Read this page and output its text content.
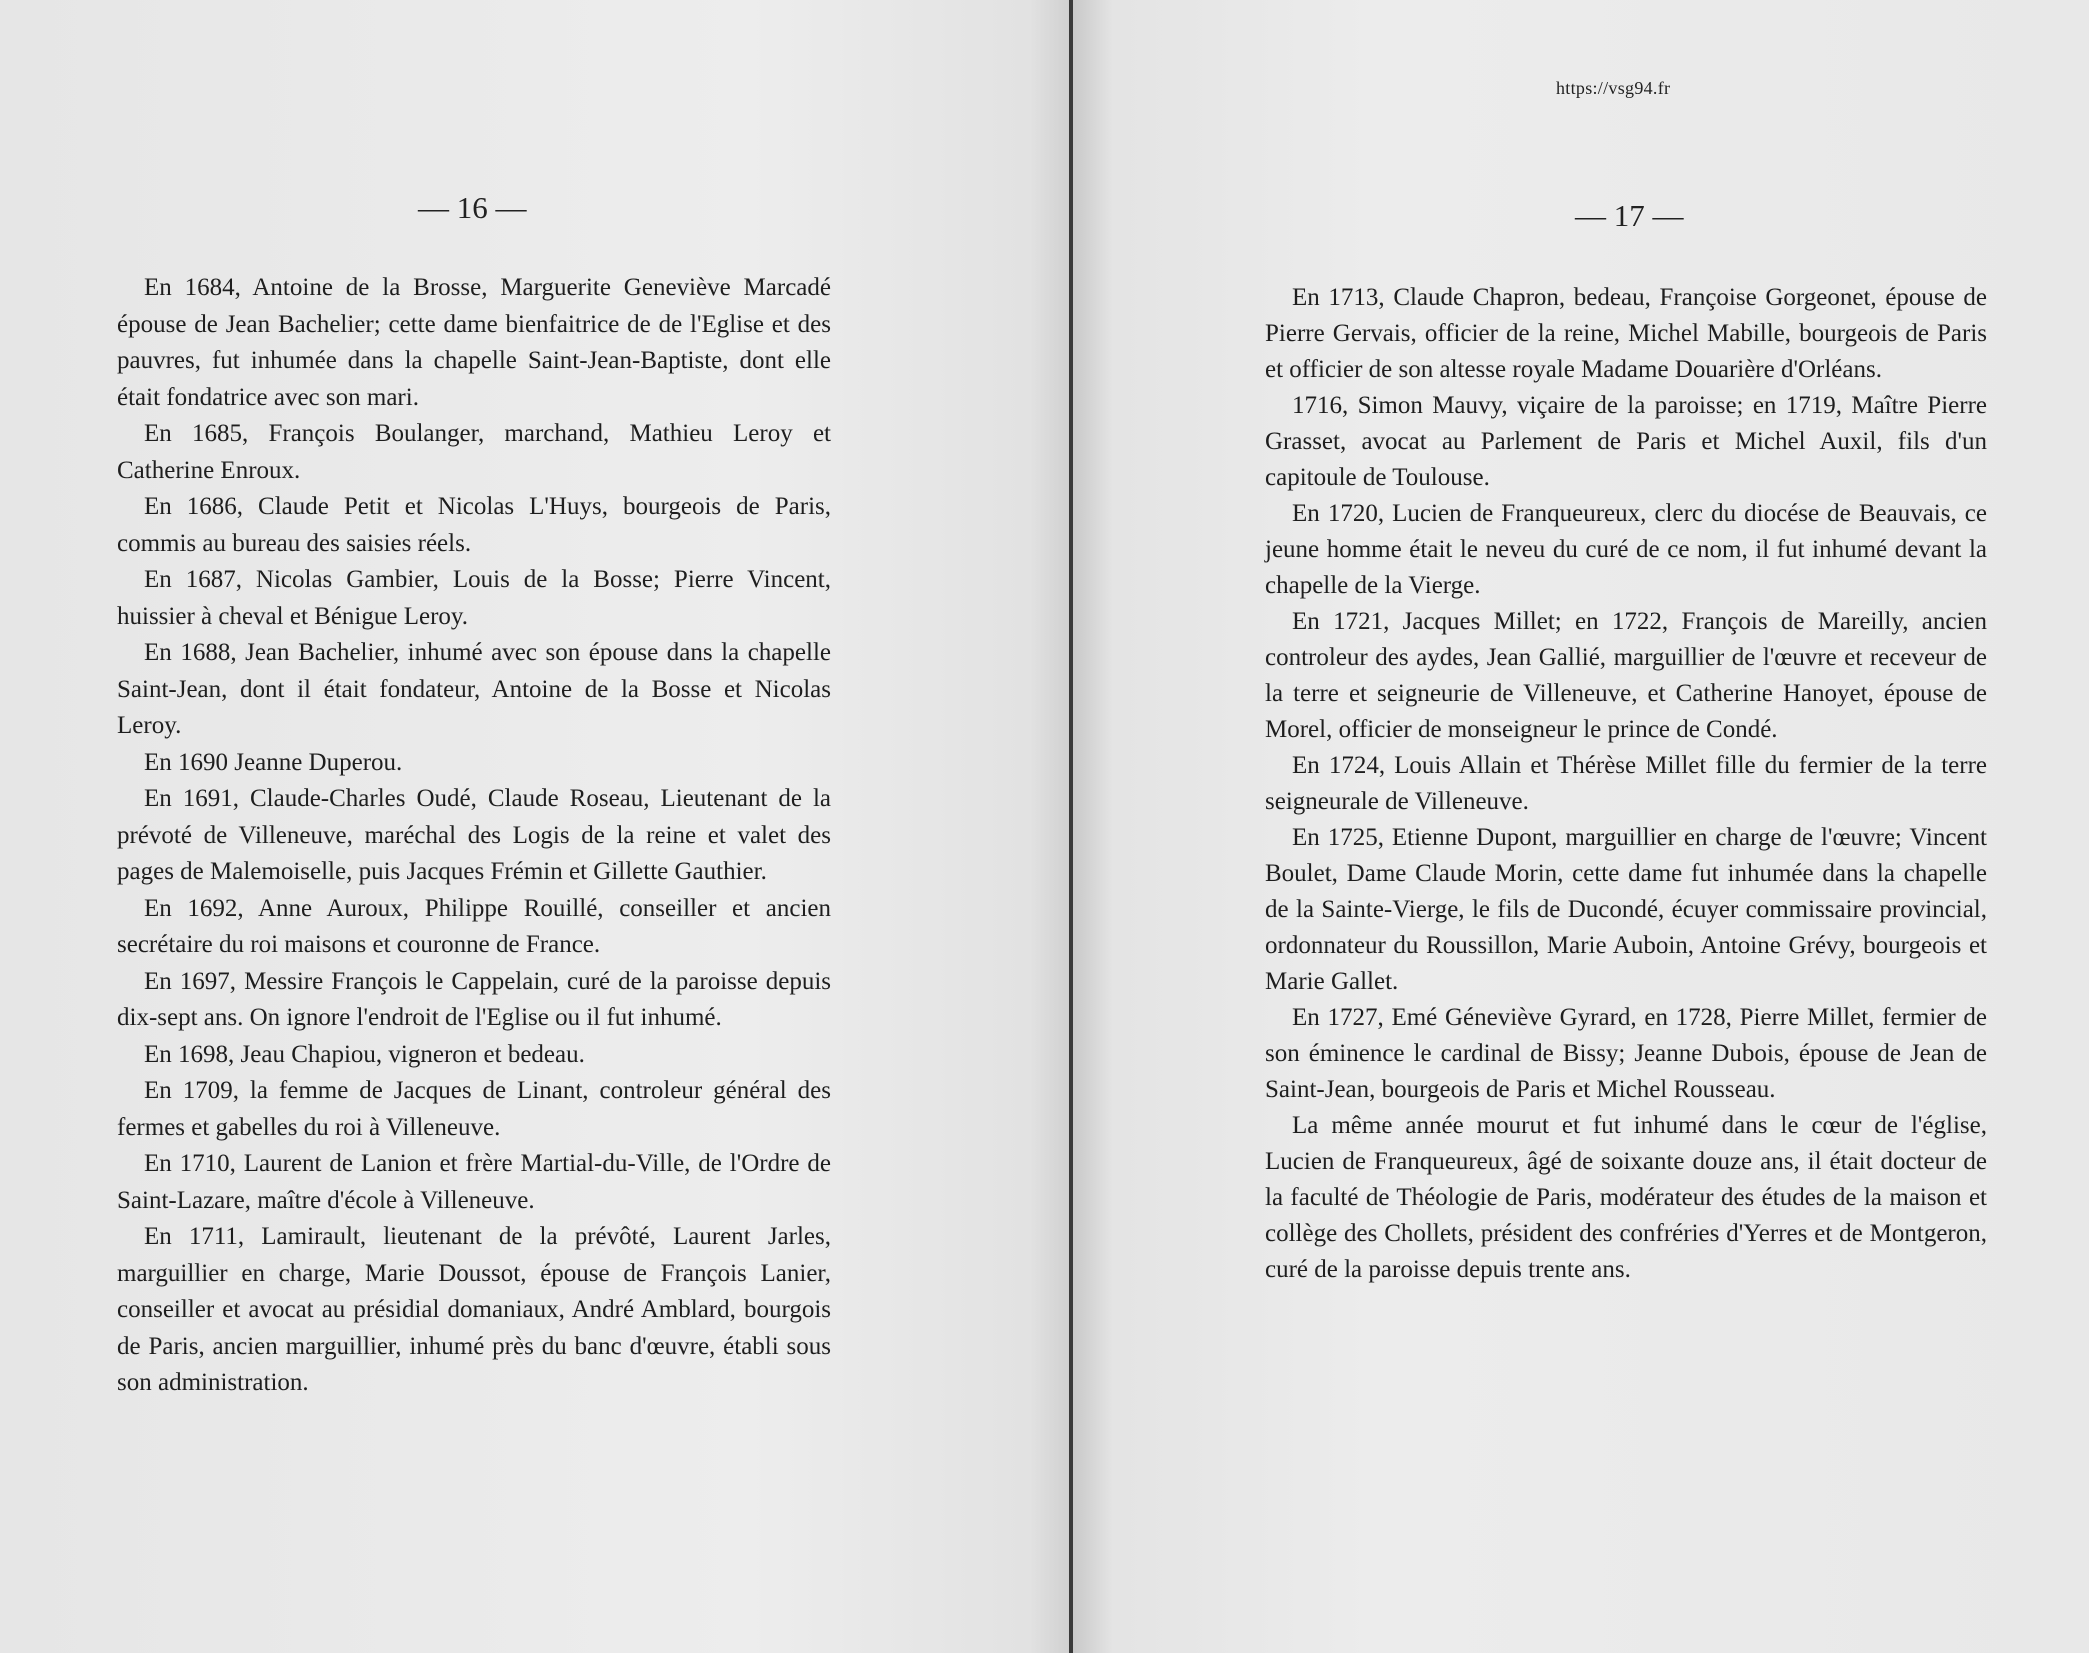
— 16 —

En 1684, Antoine de la Brosse, Marguerite Geneviève Marcadé épouse de Jean Bachelier; cette dame bienfaitrice de de l'Eglise et des pauvres, fut inhumée dans la chapelle Saint-Jean-Baptiste, dont elle était fondatrice avec son mari.

En 1685, François Boulanger, marchand, Mathieu Leroy et Catherine Enroux.

En 1686, Claude Petit et Nicolas L'Huys, bourgeois de Paris, commis au bureau des saisies réels.

En 1687, Nicolas Gambier, Louis de la Bosse; Pierre Vincent, huissier à cheval et Bénigue Leroy.

En 1688, Jean Bachelier, inhumé avec son épouse dans la chapelle Saint-Jean, dont il était fondateur, Antoine de la Bosse et Nicolas Leroy.

En 1690 Jeanne Duperou.

En 1691, Claude-Charles Oudé, Claude Roseau, Lieutenant de la prévoté de Villeneuve, maréchal des Logis de la reine et valet des pages de Malemoiselle, puis Jacques Frémin et Gillette Gauthier.

En 1692, Anne Auroux, Philippe Rouillé, conseiller et ancien secrétaire du roi maisons et couronne de France.

En 1697, Messire François le Cappelain, curé de la paroisse depuis dix-sept ans. On ignore l'endroit de l'Eglise ou il fut inhumé.

En 1698, Jeau Chapiou, vigneron et bedeau.

En 1709, la femme de Jacques de Linant, controleur général des fermes et gabelles du roi à Villeneuve.

En 1710, Laurent de Lanion et frère Martial-du-Ville, de l'Ordre de Saint-Lazare, maître d'école à Villeneuve.

En 1711, Lamirault, lieutenant de la prévôté, Laurent Jarles, marguillier en charge, Marie Doussot, épouse de François Lanier, conseiller et avocat au présidial domaniaux, André Amblard, bourgois de Paris, ancien marguillier, inhumé près du banc d'œuvre, établi sous son administration.

https://vsg94.fr
— 17 —

En 1713, Claude Chapron, bedeau, Françoise Gorgeonet, épouse de Pierre Gervais, officier de la reine, Michel Mabille, bourgeois de Paris et officier de son altesse royale Madame Douarière d'Orléans.

1716, Simon Mauvy, viçaire de la paroisse; en 1719, Maître Pierre Grasset, avocat au Parlement de Paris et Michel Auxil, fils d'un capitoule de Toulouse.

En 1720, Lucien de Franqueureux, clerc du diocése de Beauvais, ce jeune homme était le neveu du curé de ce nom, il fut inhumé devant la chapelle de la Vierge.

En 1721, Jacques Millet; en 1722, François de Mareilly, ancien controleur des aydes, Jean Gallié, marguillier de l'œuvre et receveur de la terre et seigneurie de Villeneuve, et Catherine Hanoyet, épouse de Morel, officier de monseigneur le prince de Condé.

En 1724, Louis Allain et Thérèse Millet fille du fermier de la terre seigneurale de Villeneuve.

En 1725, Etienne Dupont, marguillier en charge de l'œuvre; Vincent Boulet, Dame Claude Morin, cette dame fut inhumée dans la chapelle de la Sainte-Vierge, le fils de Ducondé, écuyer commissaire provincial, ordonnateur du Roussillon, Marie Auboin, Antoine Grévy, bourgeois et Marie Gallet.

En 1727, Emé Géneviève Gyrard, en 1728, Pierre Millet, fermier de son éminence le cardinal de Bissy; Jeanne Dubois, épouse de Jean de Saint-Jean, bourgeois de Paris et Michel Rousseau.

La même année mourut et fut inhumé dans le cœur de l'église, Lucien de Franqueureux, âgé de soixante douze ans, il était docteur de la faculté de Théologie de Paris, modérateur des études de la maison et collège des Chollets, président des confréries d'Yerres et de Montgeron, curé de la paroisse depuis trente ans.
